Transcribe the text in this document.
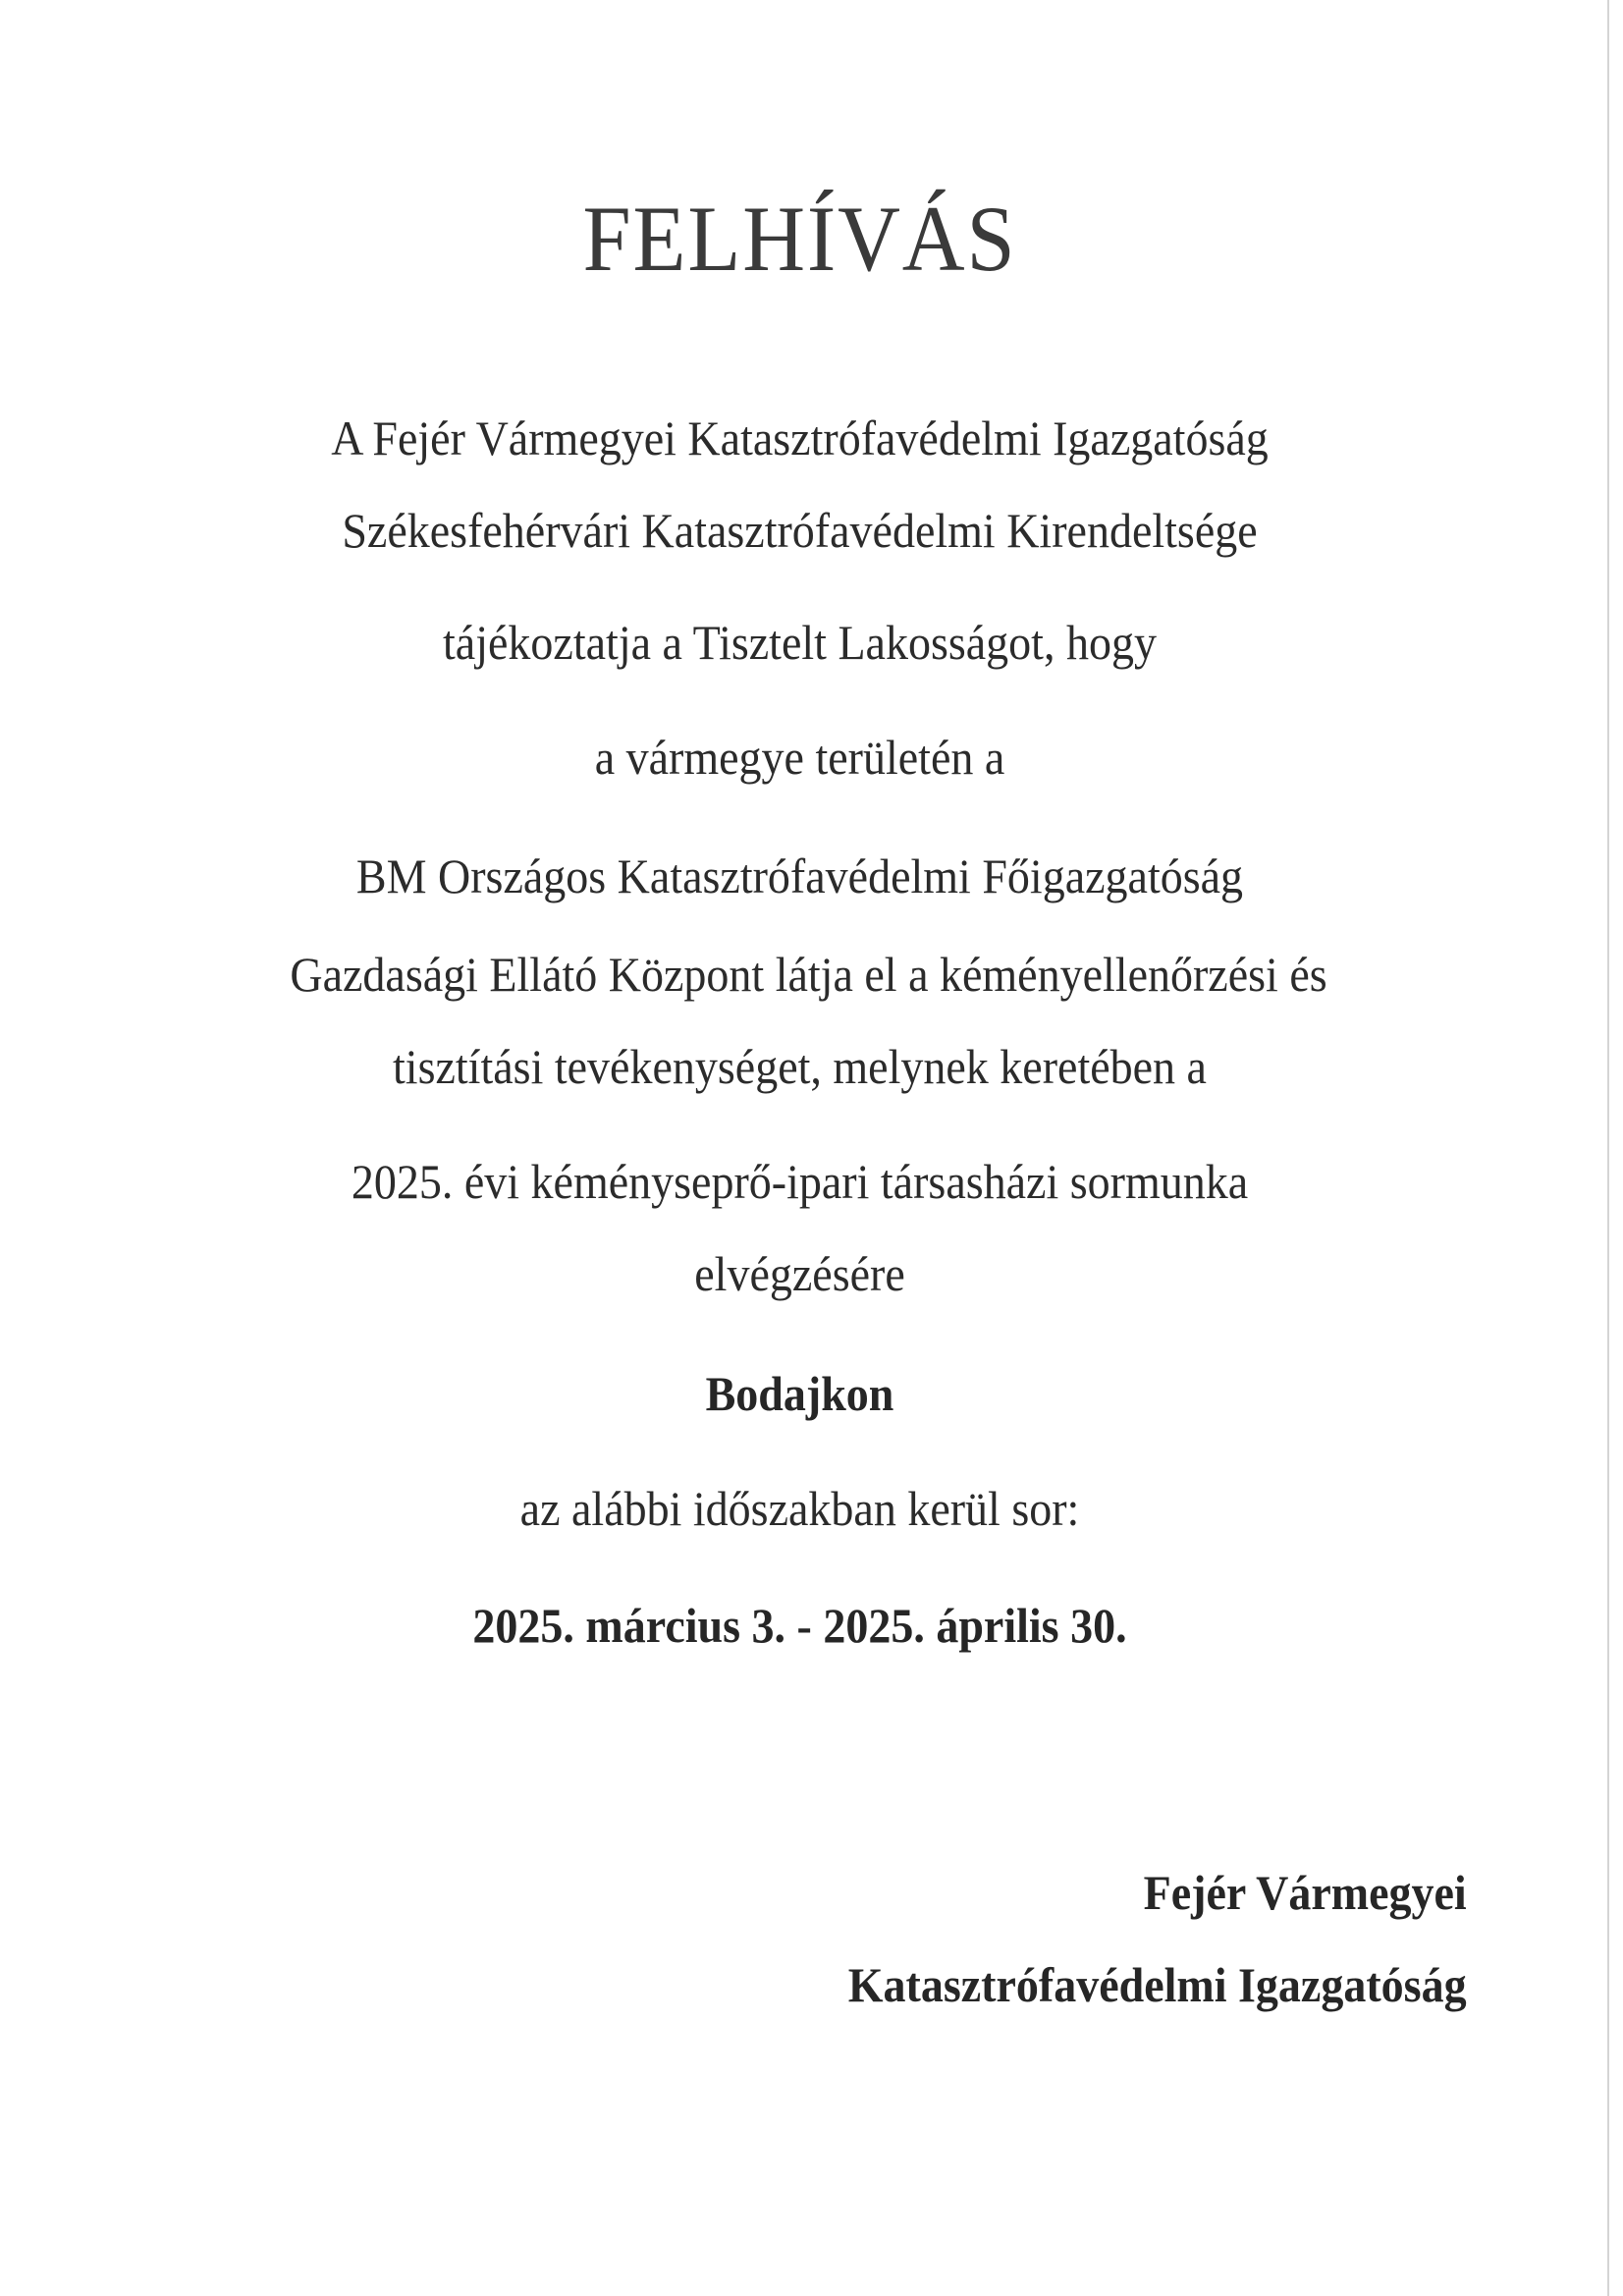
FELHÍVÁS
A Fejér Vármegyei Katasztrófavédelmi Igazgatóság
Székesfehérvári Katasztrófavédelmi Kirendeltsége
tájékoztatja a Tisztelt Lakosságot, hogy
a vármegye területén a
BM Országos Katasztrófavédelmi Főigazgatóság
Gazdasági Ellátó Központ látja el a kéményellenőrzési és
tisztítási tevékenységet, melynek keretében a
2025. évi kéményseprő-ipari társasházi sormunka
elvégzésére
Bodajkon
az alábbi időszakban kerül sor:
2025. március 3. - 2025. április 30.
Fejér Vármegyei
Katasztrófavédelmi Igazgatóság
